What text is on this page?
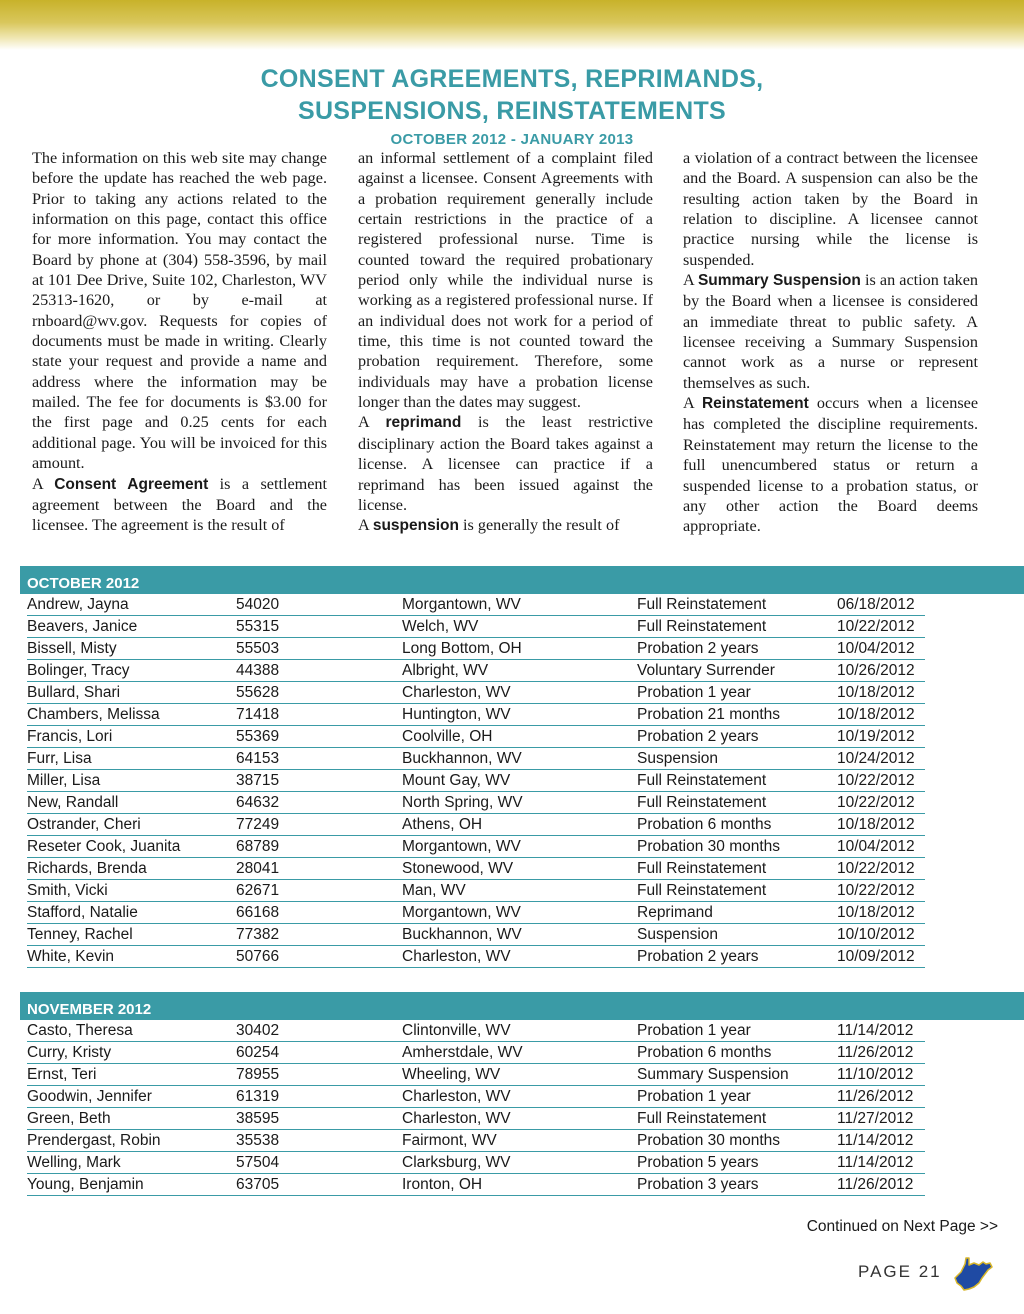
CONSENT AGREEMENTS, REPRIMANDS,
SUSPENSIONS, REINSTATEMENTS
OCTOBER 2012 - JANUARY 2013

The information on this web site may change before the update has reached the web page. Prior to taking any actions related to the information on this page, contact this office for more information. You may contact the Board by phone at (304) 558-3596, by mail at 101 Dee Drive, Suite 102, Charleston, WV 25313-1620, or by e-mail at rnboard@wv.gov. Requests for copies of documents must be made in writing. Clearly state your request and provide a name and address where the information may be mailed. The fee for documents is $3.00 for the first page and 0.25 cents for each additional page. You will be invoiced for this amount.

A Consent Agreement is a settlement agreement between the Board and the licensee. The agreement is the result of

an informal settlement of a complaint filed against a licensee. Consent Agreements with a probation requirement generally include certain restrictions in the practice of a registered professional nurse. Time is counted toward the required probationary period only while the individual nurse is working as a registered professional nurse. If an individual does not work for a period of time, this time is not counted toward the probation requirement. Therefore, some individuals may have a probation license longer than the dates may suggest.

A reprimand is the least restrictive disciplinary action the Board takes against a license. A licensee can practice if a reprimand has been issued against the license.

A suspension is generally the result of

a violation of a contract between the licensee and the Board. A suspension can also be the resulting action taken by the Board in relation to discipline. A licensee cannot practice nursing while the license is suspended.

A Summary Suspension is an action taken by the Board when a licensee is considered an immediate threat to public safety. A licensee receiving a Summary Suspension cannot work as a nurse or represent themselves as such.

A Reinstatement occurs when a licensee has completed the discipline requirements. Reinstatement may return the license to the full unencumbered status or return a suspended license to a probation status, or any other action the Board deems appropriate.

OCTOBER 2012
Andrew, Jayna	54020	Morgantown, WV	Full Reinstatement	06/18/2012
Beavers, Janice	55315	Welch, WV	Full Reinstatement	10/22/2012
Bissell, Misty	55503	Long Bottom, OH	Probation 2 years	10/04/2012
Bolinger, Tracy	44388	Albright, WV	Voluntary Surrender	10/26/2012
Bullard, Shari	55628	Charleston, WV	Probation 1 year	10/18/2012
Chambers, Melissa	71418	Huntington, WV	Probation 21 months	10/18/2012
Francis, Lori	55369	Coolville, OH	Probation 2 years	10/19/2012
Furr, Lisa	64153	Buckhannon, WV	Suspension	10/24/2012
Miller, Lisa	38715	Mount Gay, WV	Full Reinstatement	10/22/2012
New, Randall	64632	North Spring, WV	Full Reinstatement	10/22/2012
Ostrander, Cheri	77249	Athens, OH	Probation 6 months	10/18/2012
Reseter Cook, Juanita	68789	Morgantown, WV	Probation 30 months	10/04/2012
Richards, Brenda	28041	Stonewood, WV	Full Reinstatement	10/22/2012
Smith, Vicki	62671	Man, WV	Full Reinstatement	10/22/2012
Stafford, Natalie	66168	Morgantown, WV	Reprimand	10/18/2012
Tenney, Rachel	77382	Buckhannon, WV	Suspension	10/10/2012
White, Kevin	50766	Charleston, WV	Probation 2 years	10/09/2012
NOVEMBER 2012
Casto, Theresa	30402	Clintonville, WV	Probation 1 year	11/14/2012
Curry, Kristy	60254	Amherstdale, WV	Probation 6 months	11/26/2012
Ernst, Teri	78955	Wheeling, WV	Summary Suspension	11/10/2012
Goodwin, Jennifer	61319	Charleston, WV	Probation 1 year	11/26/2012
Green, Beth	38595	Charleston, WV	Full Reinstatement	11/27/2012
Prendergast, Robin	35538	Fairmont, WV	Probation 30 months	11/14/2012
Welling, Mark	57504	Clarksburg, WV	Probation 5 years	11/14/2012
Young, Benjamin	63705	Ironton, OH	Probation 3 years	11/26/2012
Continued on Next Page >>
PAGE 21
